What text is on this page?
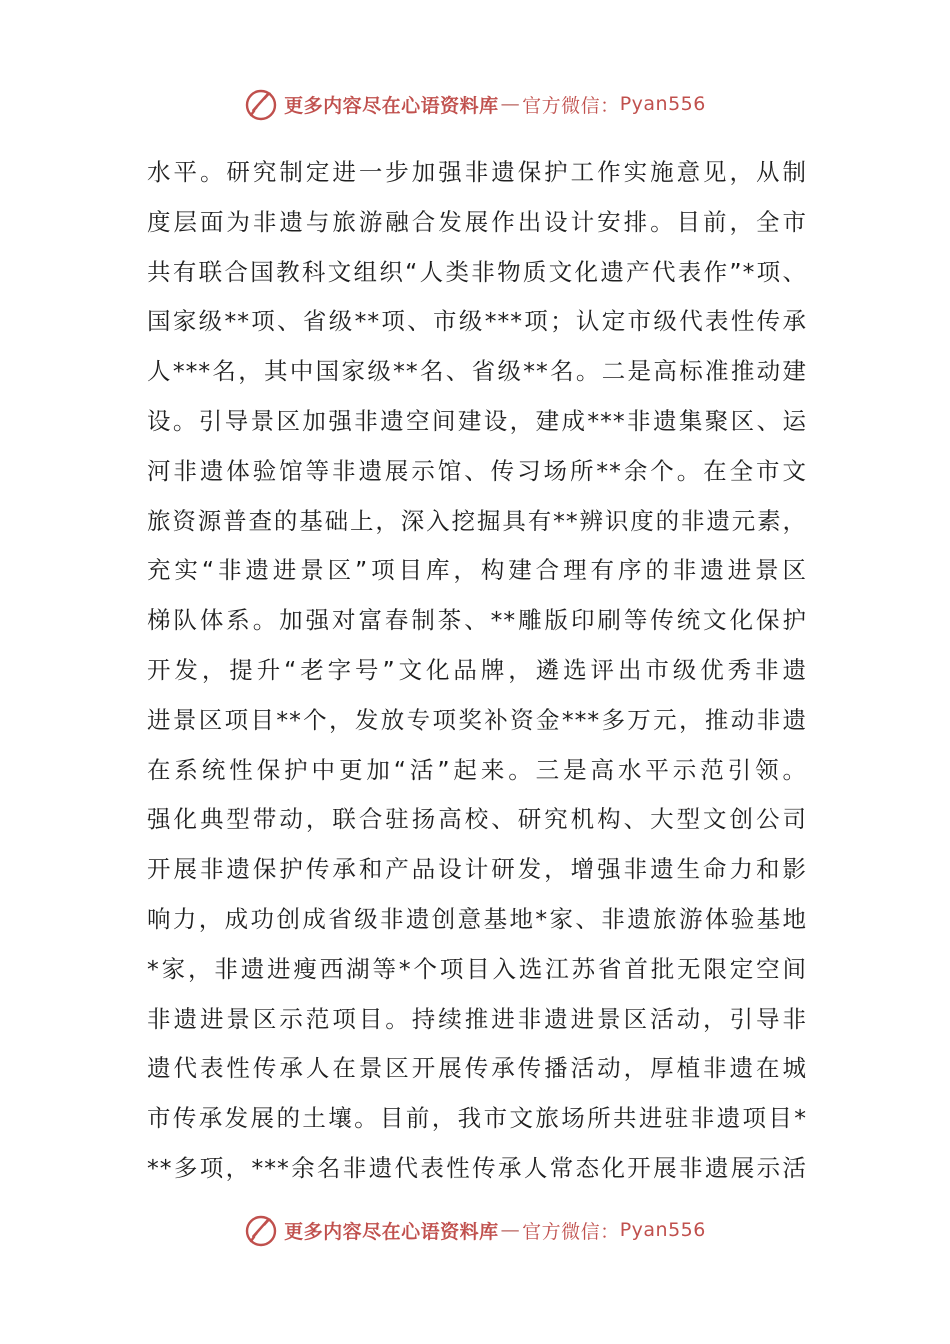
更多内容尽在心语资料库 — 官方微信： Pyan556
水平。研究制定进一步加强非遗保护工作实施意见，从制
度层面为非遗与旅游融合发展作出设计安排。目前，全市
共有联合国教科文组织“人类非物质文化遗产代表作”*项、
国家级**项、省级**项、市级***项；认定市级代表性传承
人***名，其中国家级**名、省级**名。二是高标准推动建
设。引导景区加强非遗空间建设，建成***非遗集聚区、运
河非遗体验馆等非遗展示馆、传习场所**余个。在全市文
旅资源普查的基础上，深入挖掘具有**辨识度的非遗元素，
充实“非遗进景区”项目库，构建合理有序的非遗进景区
梯队体系。加强对富春制茶、**雕版印刷等传统文化保护
开发，提升“老字号”文化品牌，遴选评出市级优秀非遗
进景区项目**个，发放专项奖补资金***多万元，推动非遗
在系统性保护中更加“活”起来。三是高水平示范引领。
强化典型带动，联合驻扬高校、研究机构、大型文创公司
开展非遗保护传承和产品设计研发，增强非遗生命力和影
响力，成功创成省级非遗创意基地*家、非遗旅游体验基地
*家，非遗进瘦西湖等*个项目入选江苏省首批无限定空间
非遗进景区示范项目。持续推进非遗进景区活动，引导非
遗代表性传承人在景区开展传承传播活动，厚植非遗在城
市传承发展的土壤。目前，我市文旅场所共进驻非遗项目*
**多项，***余名非遗代表性传承人常态化开展非遗展示活
更多内容尽在心语资料库 — 官方微信： Pyan556
